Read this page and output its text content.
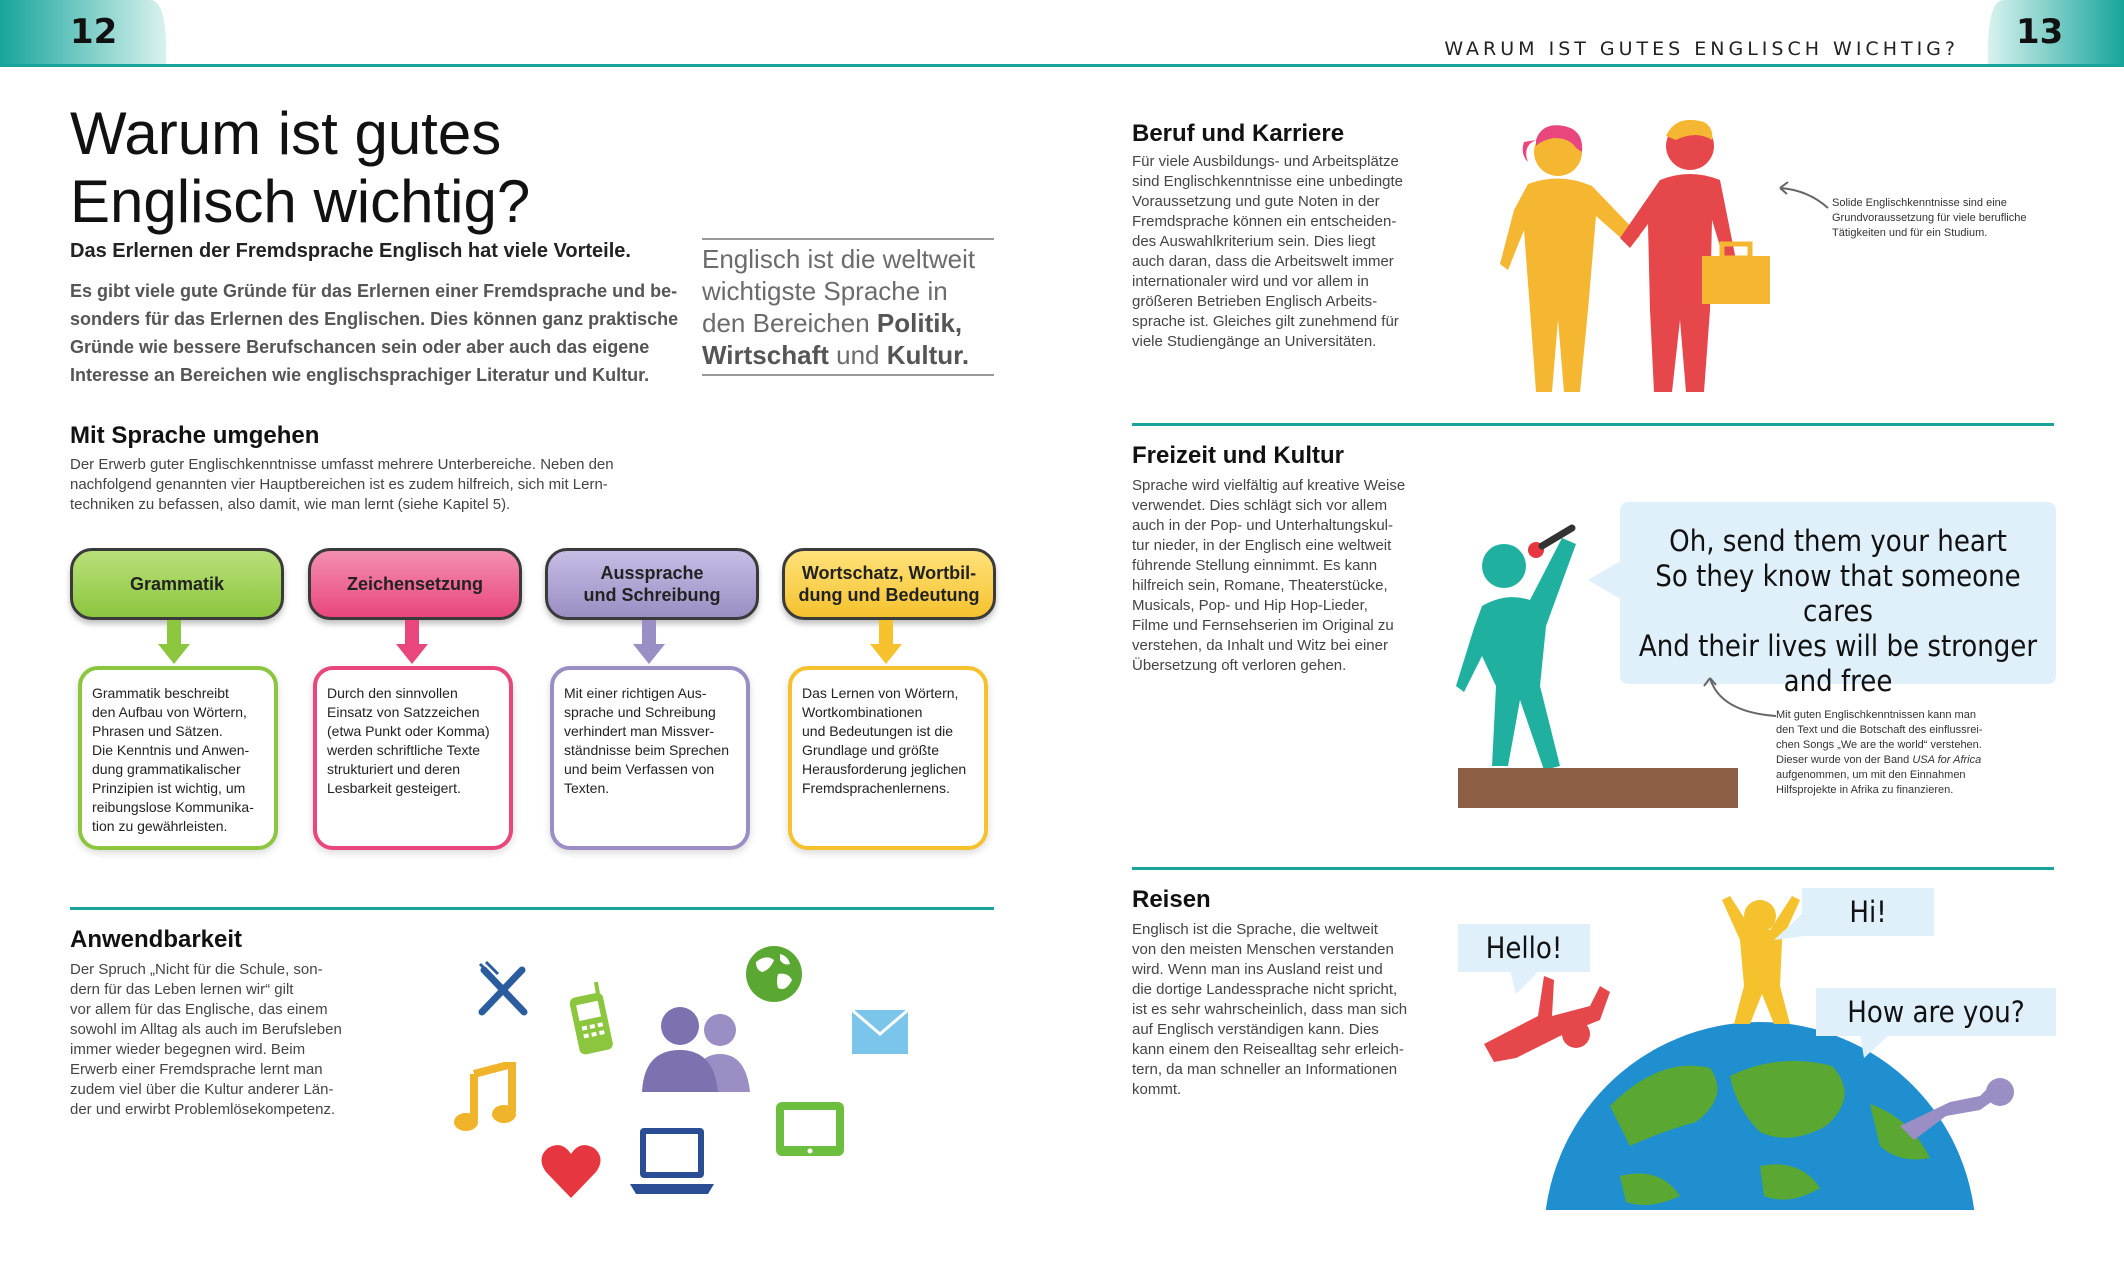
12	13
WARUM IST GUTES ENGLISCH WICHTIG?
Warum ist gutes
Englisch wichtig?
Das Erlernen der Fremdsprache Englisch hat viele Vorteile.
Es gibt viele gute Gründe für das Erlernen einer Fremdsprache und be-
sonders für das Erlernen des Englischen. Dies können ganz praktische
Gründe wie bessere Berufschancen sein oder aber auch das eigene
Interesse an Bereichen wie englischsprachiger Literatur und Kultur.
Englisch ist die weltweit
wichtigste Sprache in
den Bereichen Politik,
Wirtschaft und Kultur.
Mit Sprache umgehen
Der Erwerb guter Englischkenntnisse umfasst mehrere Unterbereiche. Neben den
nachfolgend genannten vier Hauptbereichen ist es zudem hilfreich, sich mit Lern-
techniken zu befassen, also damit, wie man lernt (siehe Kapitel 5).
Grammatik	Zeichensetzung
Aussprache
und Schreibung
Wortschatz, Wortbil-
dung und Bedeutung
Grammatik beschreibt
den Aufbau von Wörtern,
Phrasen und Sätzen.
Die Kenntnis und Anwen-
dung grammatikalischer
Prinzipien ist wichtig, um
reibungslose Kommunika-
tion zu gewährleisten.
Durch den sinnvollen
Einsatz von Satzzeichen
(etwa Punkt oder Komma)
werden schriftliche Texte
strukturiert und deren
Lesbarkeit gesteigert.
Mit einer richtigen Aus-
sprache und Schreibung
verhindert man Missver-
ständnisse beim Sprechen
und beim Verfassen von
Texten.
Das Lernen von Wörtern,
Wortkombinationen
und Bedeutungen ist die
Grundlage und größte
Herausforderung jeglichen
Fremdsprachenlernens.
Anwendbarkeit
Der Spruch „Nicht für die Schule, son-
dern für das Leben lernen wir“ gilt
vor allem für das Englische, das einem
sowohl im Alltag als auch im Berufsleben
immer wieder begegnen wird. Beim
Erwerb einer Fremdsprache lernt man
zudem viel über die Kultur anderer Län-
der und erwirbt Problemlösekompetenz.
Beruf und Karriere
Für viele Ausbildungs- und Arbeitsplätze
sind Englischkenntnisse eine unbedingte
Voraussetzung und gute Noten in der
Fremdsprache können ein entscheiden-
des Auswahlkriterium sein. Dies liegt
auch daran, dass die Arbeitswelt immer
internationaler wird und vor allem in
größeren Betrieben Englisch Arbeits-
sprache ist. Gleiches gilt zunehmend für
viele Studiengänge an Universitäten.
Solide Englischkenntnisse sind eine
Grundvoraussetzung für viele berufliche
Tätigkeiten und für ein Studium.
Freizeit und Kultur
Sprache wird vielfältig auf kreative Weise
verwendet. Dies schlägt sich vor allem
auch in der Pop- und Unterhaltungskul-
tur nieder, in der Englisch eine weltweit
führende Stellung einnimmt. Es kann
hilfreich sein, Romane, Theaterstücke,
Musicals, Pop- und Hip Hop-Lieder,
Filme und Fernsehserien im Original zu
verstehen, da Inhalt und Witz bei einer
Übersetzung oft verloren gehen.
Oh, send them your heart
So they know that someone cares
And their lives will be stronger
and free
Mit guten Englischkenntnissen kann man
den Text und die Botschaft des einflussrei-
chen Songs „We are the world“ verstehen.
Dieser wurde von der Band USA for Africa
aufgenommen, um mit den Einnahmen
Hilfsprojekte in Afrika zu finanzieren.
Reisen
Englisch ist die Sprache, die weltweit
von den meisten Menschen verstanden
wird. Wenn man ins Ausland reist und
die dortige Landessprache nicht spricht,
ist es sehr wahrscheinlich, dass man sich
auf Englisch verständigen kann. Dies
kann einem den Reisealltag sehr erleich-
tern, da man schneller an Informationen
kommt.
Hello!
Hi!
How are you?
